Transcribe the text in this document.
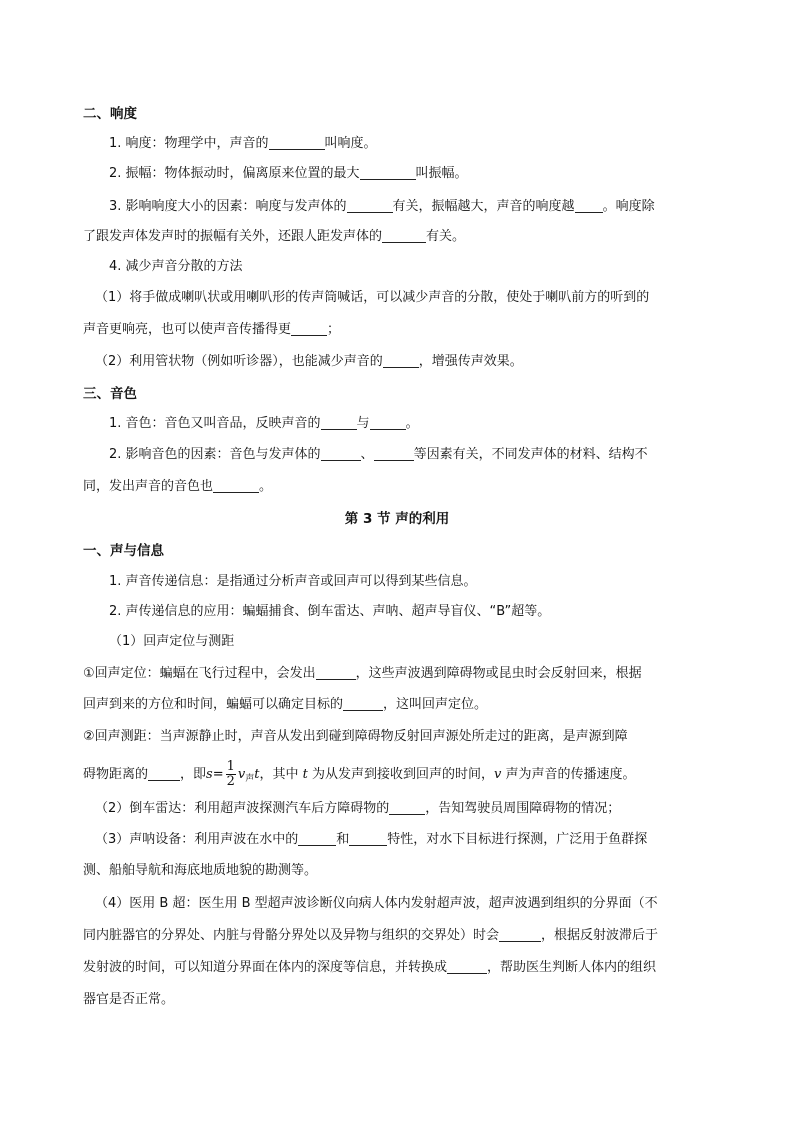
二、响度
1. 响度：物理学中，声音的	叫响度。
2. 振幅：物体振动时，偏离原来位置的最大	叫振幅。
3. 影响响度大小的因素：响度与发声体的	有关，振幅越大，声音的响度越 。响度除
了跟发声体发声时的振幅有关外，还跟人距发声体的	有关。
4. 减少声音分散的方法
（1）将手做成喇叭状或用喇叭形的传声筒喊话，可以减少声音的分散，使处于喇叭前方的听到的
声音更响亮，也可以使声音传播得更	；
（2）利用管状物（例如听诊器），也能减少声音的	，增强传声效果。
三、音色
1. 音色：音色又叫音品，反映声音的	与	。
2. 影响音色的因素：音色与发声体的	、	等因素有关，不同发声体的材料、结构不
同，发出声音的音色也	。
第 3 节 声的利用
一、声与信息
1. 声音传递信息：是指通过分析声音或回声可以得到某些信息。
2. 声传递信息的应用：蝙蝠捕食、倒车雷达、声呐、超声导盲仪、“B”超等。
（1）回声定位与测距
①回声定位：蝙蝠在飞行过程中，会发出	，这些声波遇到障碍物或昆虫时会反射回来，根据
回声到来的方位和时间，蝙蝠可以确定目标的	，这叫回声定位。
②回声测距：当声源静止时，声音从发出到碰到障碍物反射回声源处所走过的距离，是声源到障
碍物距离的 ，即$s= \frac{1}{2} v_声t$，其中 t 为从发声到接收到回声的时间，v 声为声音的传播速度。
（2）倒车雷达：利用超声波探测汽车后方障碍物的	，告知驾驶员周围障碍物的情况；
（3）声呐设备：利用声波在水中的	和	特性，对水下目标进行探测，广泛用于鱼群探
测、船舶导航和海底地质地貌的勘测等。
（4）医用 B 超：医生用 B 型超声波诊断仪向病人体内发射超声波，超声波遇到组织的分界面（不
同内脏器官的分界处、内脏与骨骼分界处以及异物与组织的交界处）时会	，根据反射波滞后于
发射波的时间，可以知道分界面在体内的深度等信息，并转换成	，帮助医生判断人体内的组织
器官是否正常。
